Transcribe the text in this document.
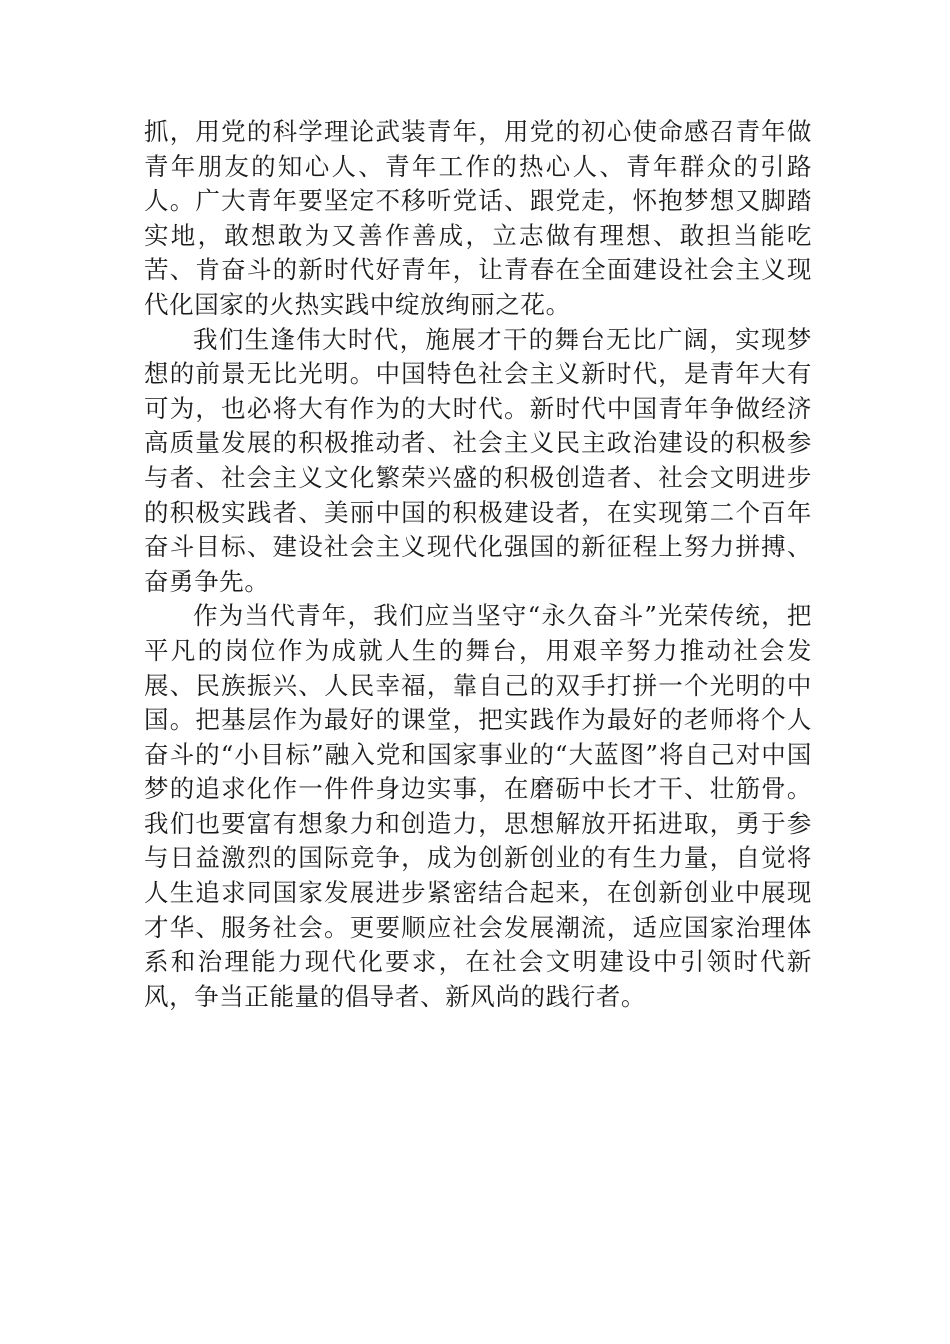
抓，用党的科学理论武装青年，用党的初心使命感召青年做青年朋友的知心人、青年工作的热心人、青年群众的引路人。广大青年要坚定不移听党话、跟党走，怀抱梦想又脚踏实地，敢想敢为又善作善成，立志做有理想、敢担当能吃苦、肯奋斗的新时代好青年，让青春在全面建设社会主义现代化国家的火热实践中绽放绚丽之花。

我们生逢伟大时代，施展才干的舞台无比广阔，实现梦想的前景无比光明。中国特色社会主义新时代，是青年大有可为，也必将大有作为的大时代。新时代中国青年争做经济高质量发展的积极推动者、社会主义民主政治建设的积极参与者、社会主义文化繁荣兴盛的积极创造者、社会文明进步的积极实践者、美丽中国的积极建设者，在实现第二个百年奋斗目标、建设社会主义现代化强国的新征程上努力拼搏、奋勇争先。

作为当代青年，我们应当坚守“永久奋斗”光荣传统，把平凡的岗位作为成就人生的舞台，用艰辛努力推动社会发展、民族振兴、人民幸福，靠自己的双手打拼一个光明的中国。把基层作为最好的课堂，把实践作为最好的老师将个人奋斗的“小目标”融入党和国家事业的“大蓝图”将自己对中国梦的追求化作一件件身边实事，在磨砺中长才干、壮筋骨。我们也要富有想象力和创造力，思想解放开拓进取，勇于参与日益激烈的国际竞争，成为创新创业的有生力量，自觉将人生追求同国家发展进步紧密结合起来，在创新创业中展现才华、服务社会。更要顺应社会发展潮流，适应国家治理体系和治理能力现代化要求，在社会文明建设中引领时代新风，争当正能量的倡导者、新风尚的践行者。
